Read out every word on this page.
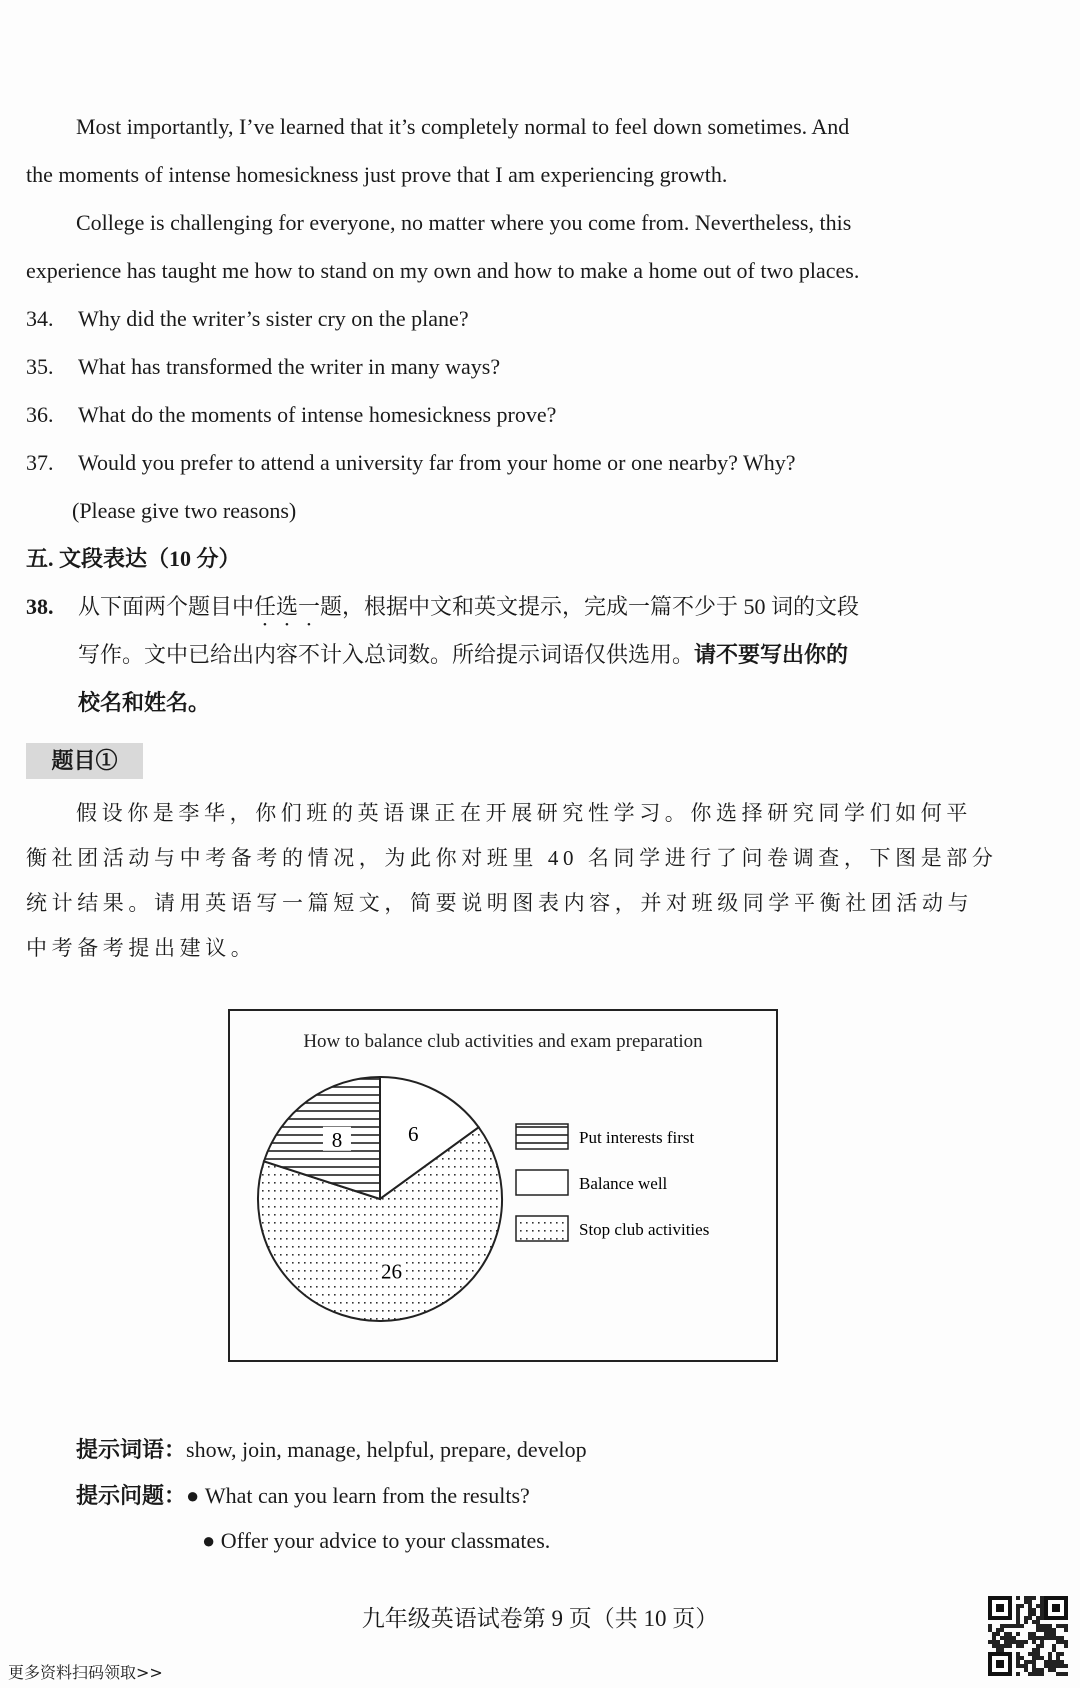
Most importantly, I’ve learned that it’s completely normal to feel down sometimes. And
the moments of intense homesickness just prove that I am experiencing growth.
College is challenging for everyone, no matter where you come from. Nevertheless, this
experience has taught me how to stand on my own and how to make a home out of two places.
34. Why did the writer’s sister cry on the plane?
35. What has transformed the writer in many ways?
36. What do the moments of intense homesickness prove?
37. Would you prefer to attend a university far from your home or one nearby? Why?
(Please give two reasons)
五. 文段表达（10 分）
38. 从下面两个题目中任选一题，根据中文和英文提示，完成一篇不少于 50 词的文段
写作。文中已给出内容不计入总词数。所给提示词语仅供选用。请不要写出你的
校名和姓名。
题目①
假设你是李华，你们班的英语课正在开展研究性学习。你选择研究同学们如何平
衡社团活动与中考备考的情况，为此你对班里 40 名同学进行了问卷调查，下图是部分
统计结果。请用英语写一篇短文，简要说明图表内容，并对班级同学平衡社团活动与
中考备考提出建议。
How to balance club activities and exam preparation
6
26
8	Put interests first
Balance well
Stop club activities
提示词语：show, join, manage, helpful, prepare, develop
提示问题：● What can you learn from the results?
● Offer your advice to your classmates.
九年级英语试卷第 9 页（共 10 页）
更多资料扫码领取>>
